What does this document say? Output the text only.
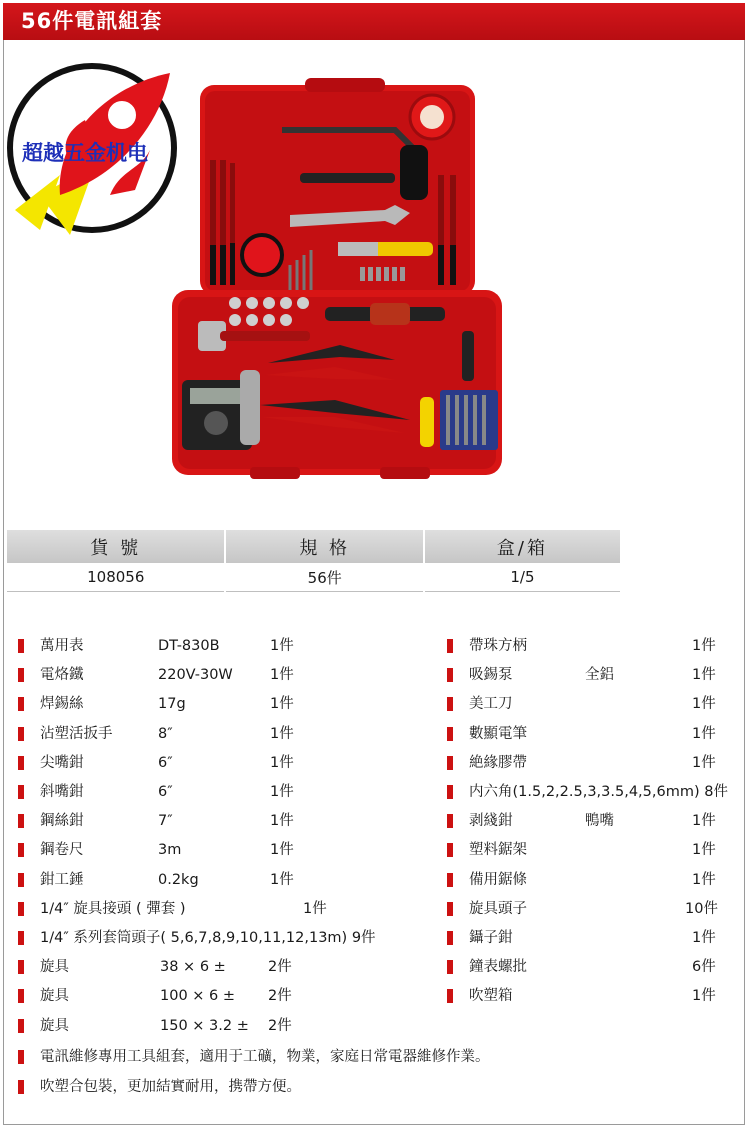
56件電訊組套
超越五金机电
貨 號	規 格	盒/箱
108056	56件	1/5
萬用表	DT-830B	1件
電烙鐵	220V-30W	1件
焊錫絲	17g	1件
沾塑活扳手	8″	1件
尖嘴鉗	6″	1件
斜嘴鉗	6″	1件
鋼絲鉗	7″	1件
鋼卷尺	3m	1件
鉗工錘	0.2kg	1件
1/4″ 旋具接頭 ( 彈套 )	1件
1/4″ 系列套筒頭子( 5,6,7,8,9,10,11,12,13m) 9件
旋具	38 × 6 ±	2件
旋具	100 × 6 ± 2件
旋具	150 × 3.2 ± 2件
帶珠方柄	1件
吸錫泵	全鋁	1件
美工刀	1件
數顯電筆	1件
絶緣膠帶	1件
内六角(1.5,2,2.5,3,3.5,4,5,6mm) 8件
剥綫鉗	鴨嘴	1件
塑料鋸架	1件
備用鋸條	1件
旋具頭子	10件
鑷子鉗	1件
鐘表螺批	6件
吹塑箱	1件
電訊維修專用工具組套，適用于工礦，物業，家庭日常電器維修作業。
吹塑合包裝，更加結實耐用，携帶方便。
